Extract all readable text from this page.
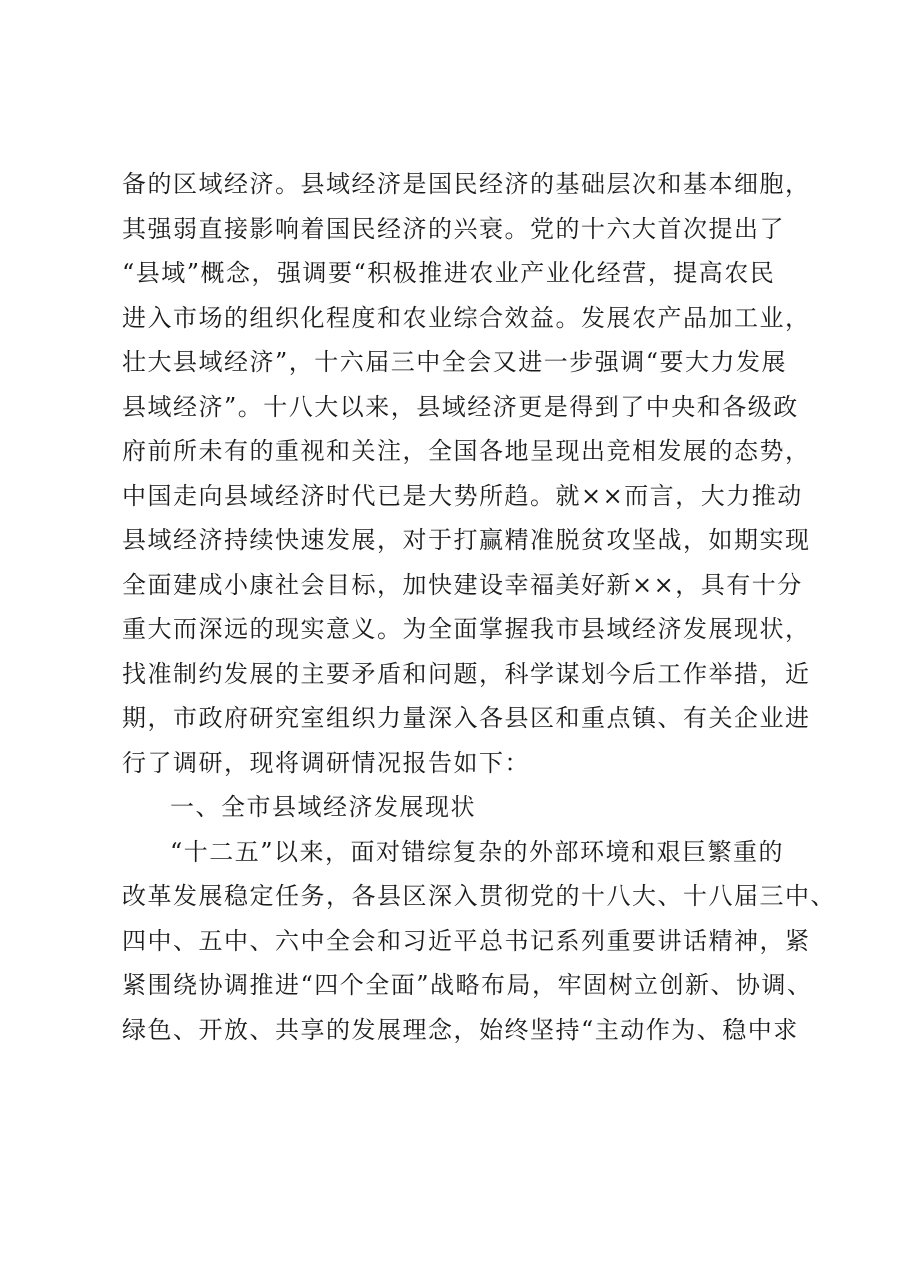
备的区域经济。县域经济是国民经济的基础层次和基本细胞，
其强弱直接影响着国民经济的兴衰。党的十六大首次提出了
“县域”概念，强调要“积极推进农业产业化经营，提高农民
进入市场的组织化程度和农业综合效益。发展农产品加工业，
壮大县域经济”，十六届三中全会又进一步强调“要大力发展
县域经济”。十八大以来，县域经济更是得到了中央和各级政
府前所未有的重视和关注，全国各地呈现出竞相发展的态势，
中国走向县域经济时代已是大势所趋。就××而言，大力推动
县域经济持续快速发展，对于打赢精准脱贫攻坚战，如期实现
全面建成小康社会目标，加快建设幸福美好新××，具有十分
重大而深远的现实意义。为全面掌握我市县域经济发展现状，
找准制约发展的主要矛盾和问题，科学谋划今后工作举措，近
期，市政府研究室组织力量深入各县区和重点镇、有关企业进
行了调研，现将调研情况报告如下：
一、全市县域经济发展现状
“十二五”以来，面对错综复杂的外部环境和艰巨繁重的
改革发展稳定任务，各县区深入贯彻党的十八大、十八届三中、
四中、五中、六中全会和习近平总书记系列重要讲话精神，紧
紧围绕协调推进“四个全面”战略布局，牢固树立创新、协调、
绿色、开放、共享的发展理念，始终坚持“主动作为、稳中求
